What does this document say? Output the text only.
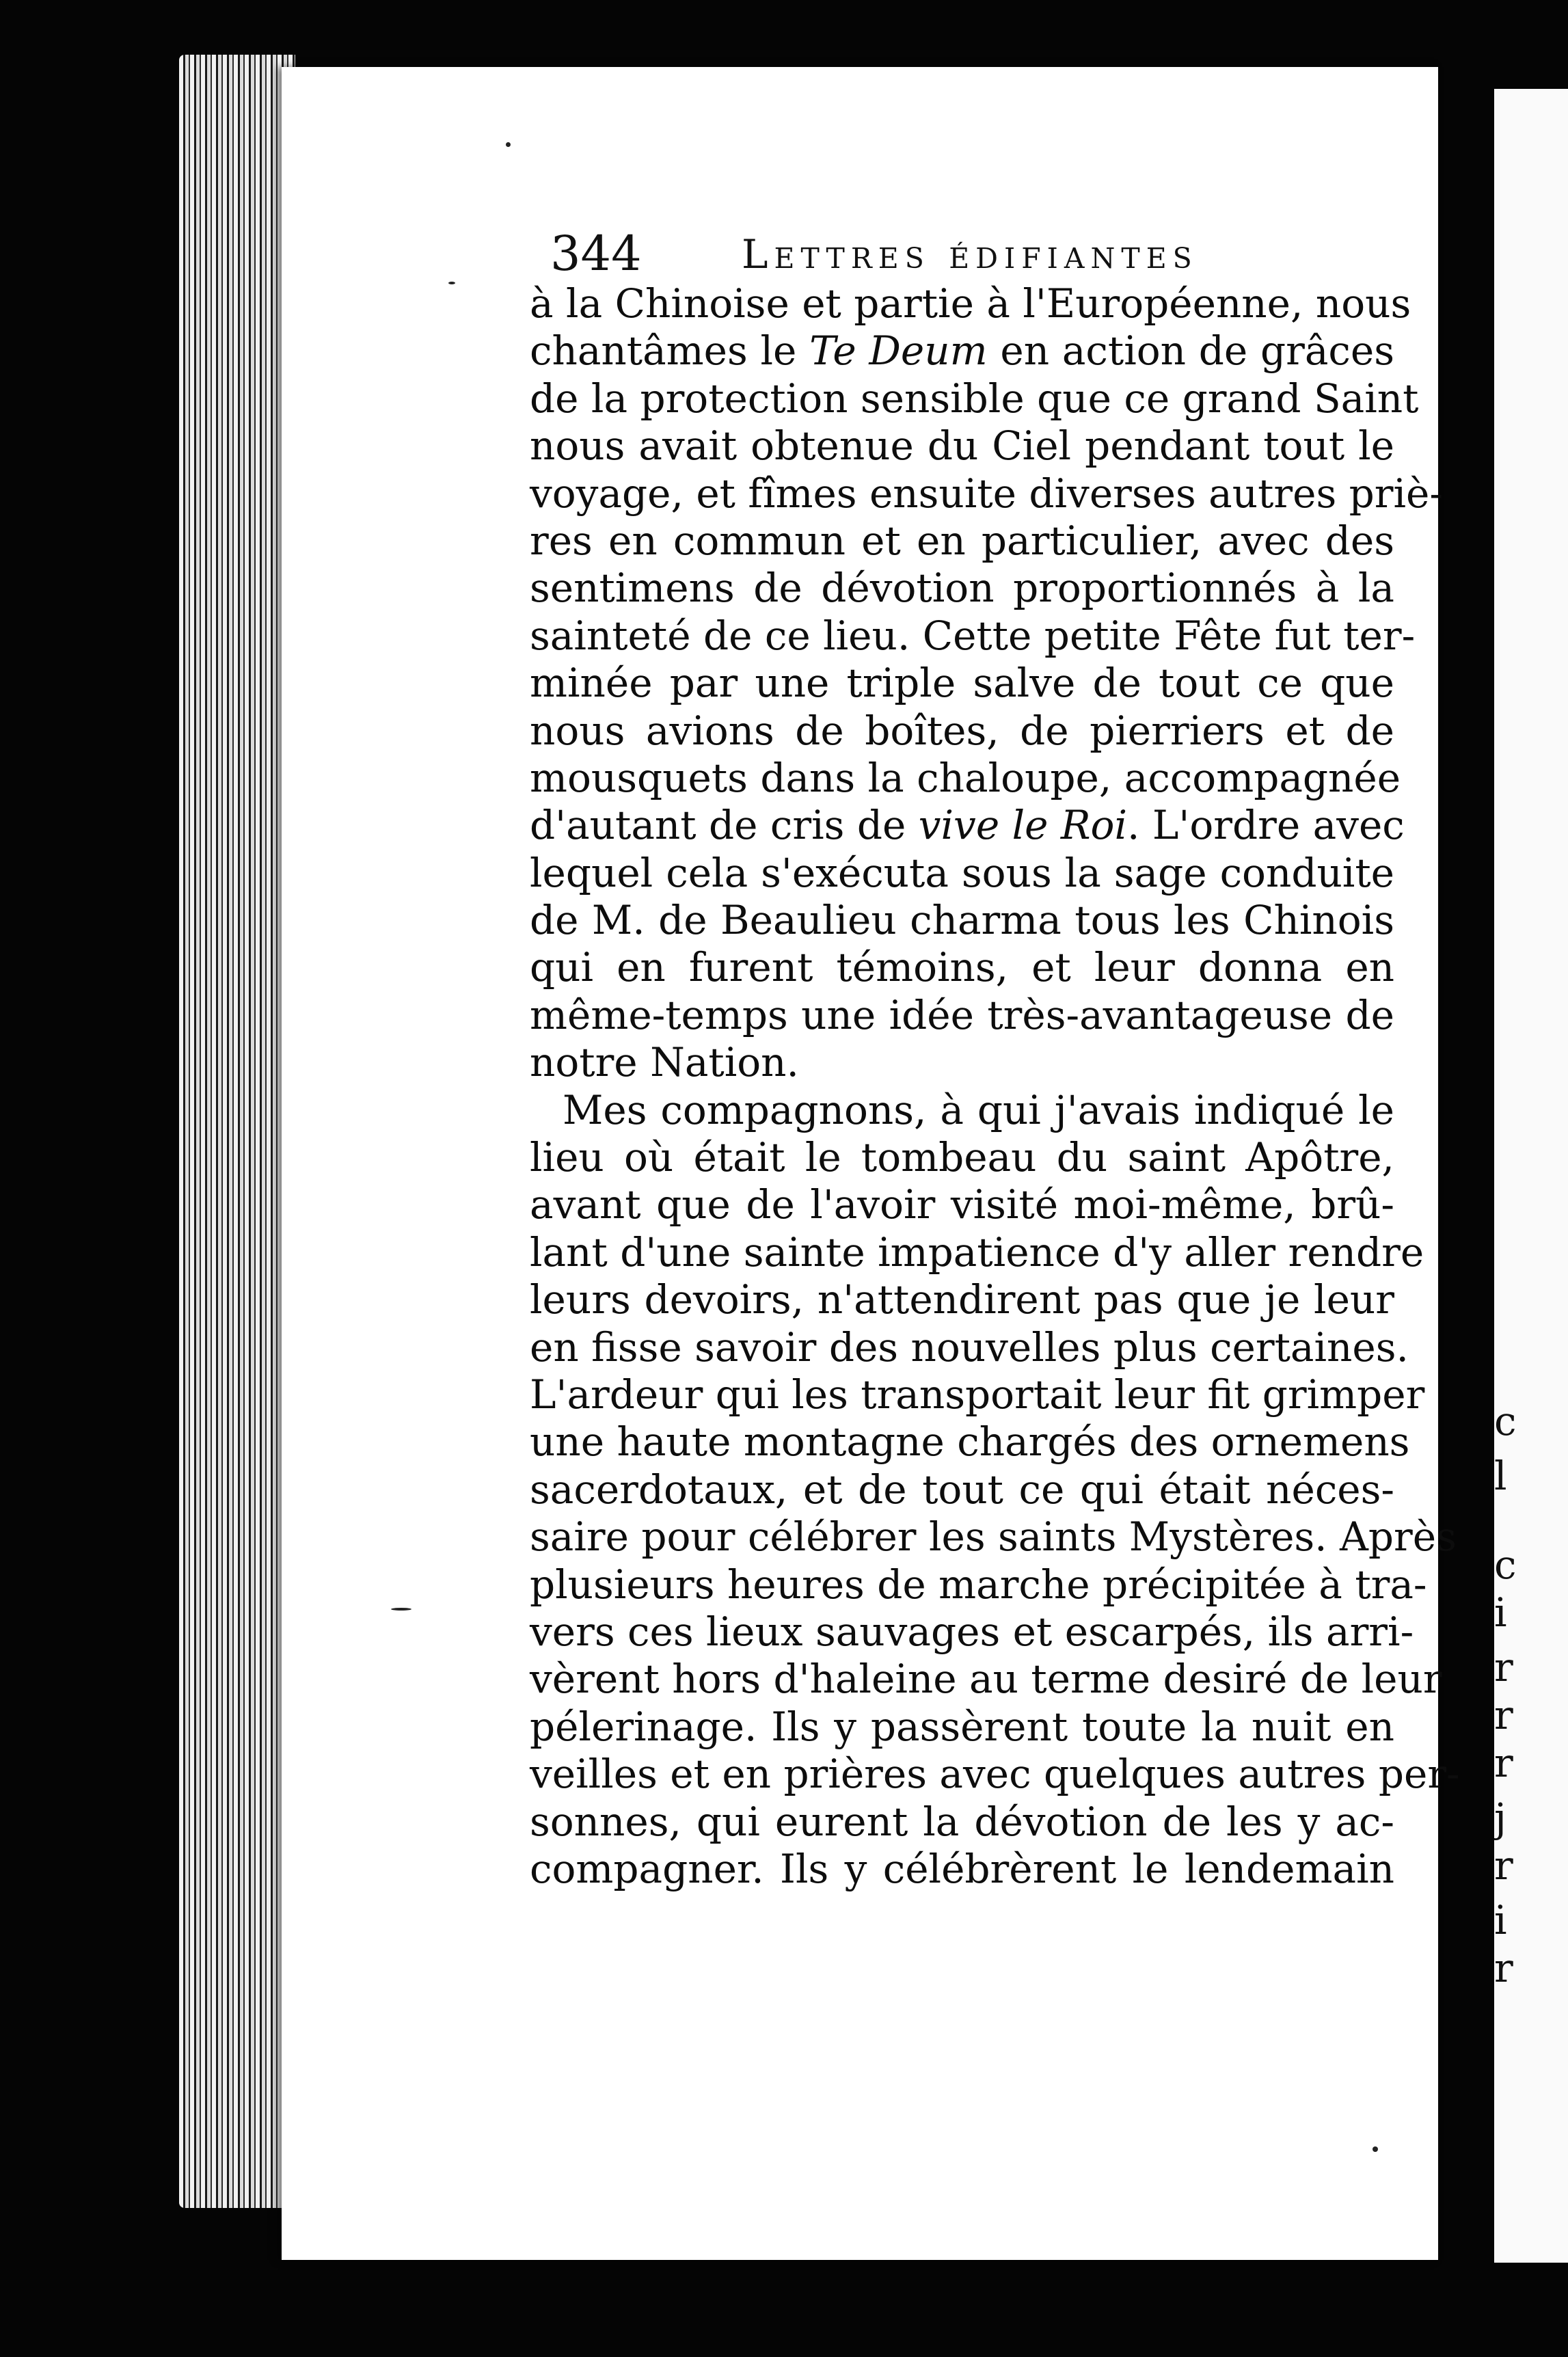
c
l
c
i
r
r
r
j
r
i
r
344	Lettres édifiantes
à la Chinoise et partie à l'Européenne, nous
chantâmes le Te Deum en action de grâces
de la protection sensible que ce grand Saint
nous avait obtenue du Ciel pendant tout le
voyage, et fîmes ensuite diverses autres priè-
res en commun et en particulier, avec des
sentimens de dévotion proportionnés à la
sainteté de ce lieu. Cette petite Fête fut ter-
minée par une triple salve de tout ce que
nous avions de boîtes, de pierriers et de
mousquets dans la chaloupe, accompagnée
d'autant de cris de vive le Roi. L'ordre avec
lequel cela s'exécuta sous la sage conduite
de M. de Beaulieu charma tous les Chinois
qui en furent témoins, et leur donna en
même-temps une idée très-avantageuse de
notre Nation.
Mes compagnons, à qui j'avais indiqué le
lieu où était le tombeau du saint Apôtre,
avant que de l'avoir visité moi-même, brû-
lant d'une sainte impatience d'y aller rendre
leurs devoirs, n'attendirent pas que je leur
en fisse savoir des nouvelles plus certaines.
L'ardeur qui les transportait leur fit grimper
une haute montagne chargés des ornemens
sacerdotaux, et de tout ce qui était néces-
saire pour célébrer les saints Mystères. Après
plusieurs heures de marche précipitée à tra-
vers ces lieux sauvages et escarpés, ils arri-
vèrent hors d'haleine au terme desiré de leur
pélerinage. Ils y passèrent toute la nuit en
veilles et en prières avec quelques autres per-
sonnes, qui eurent la dévotion de les y ac-
compagner. Ils y célébrèrent le lendemain
